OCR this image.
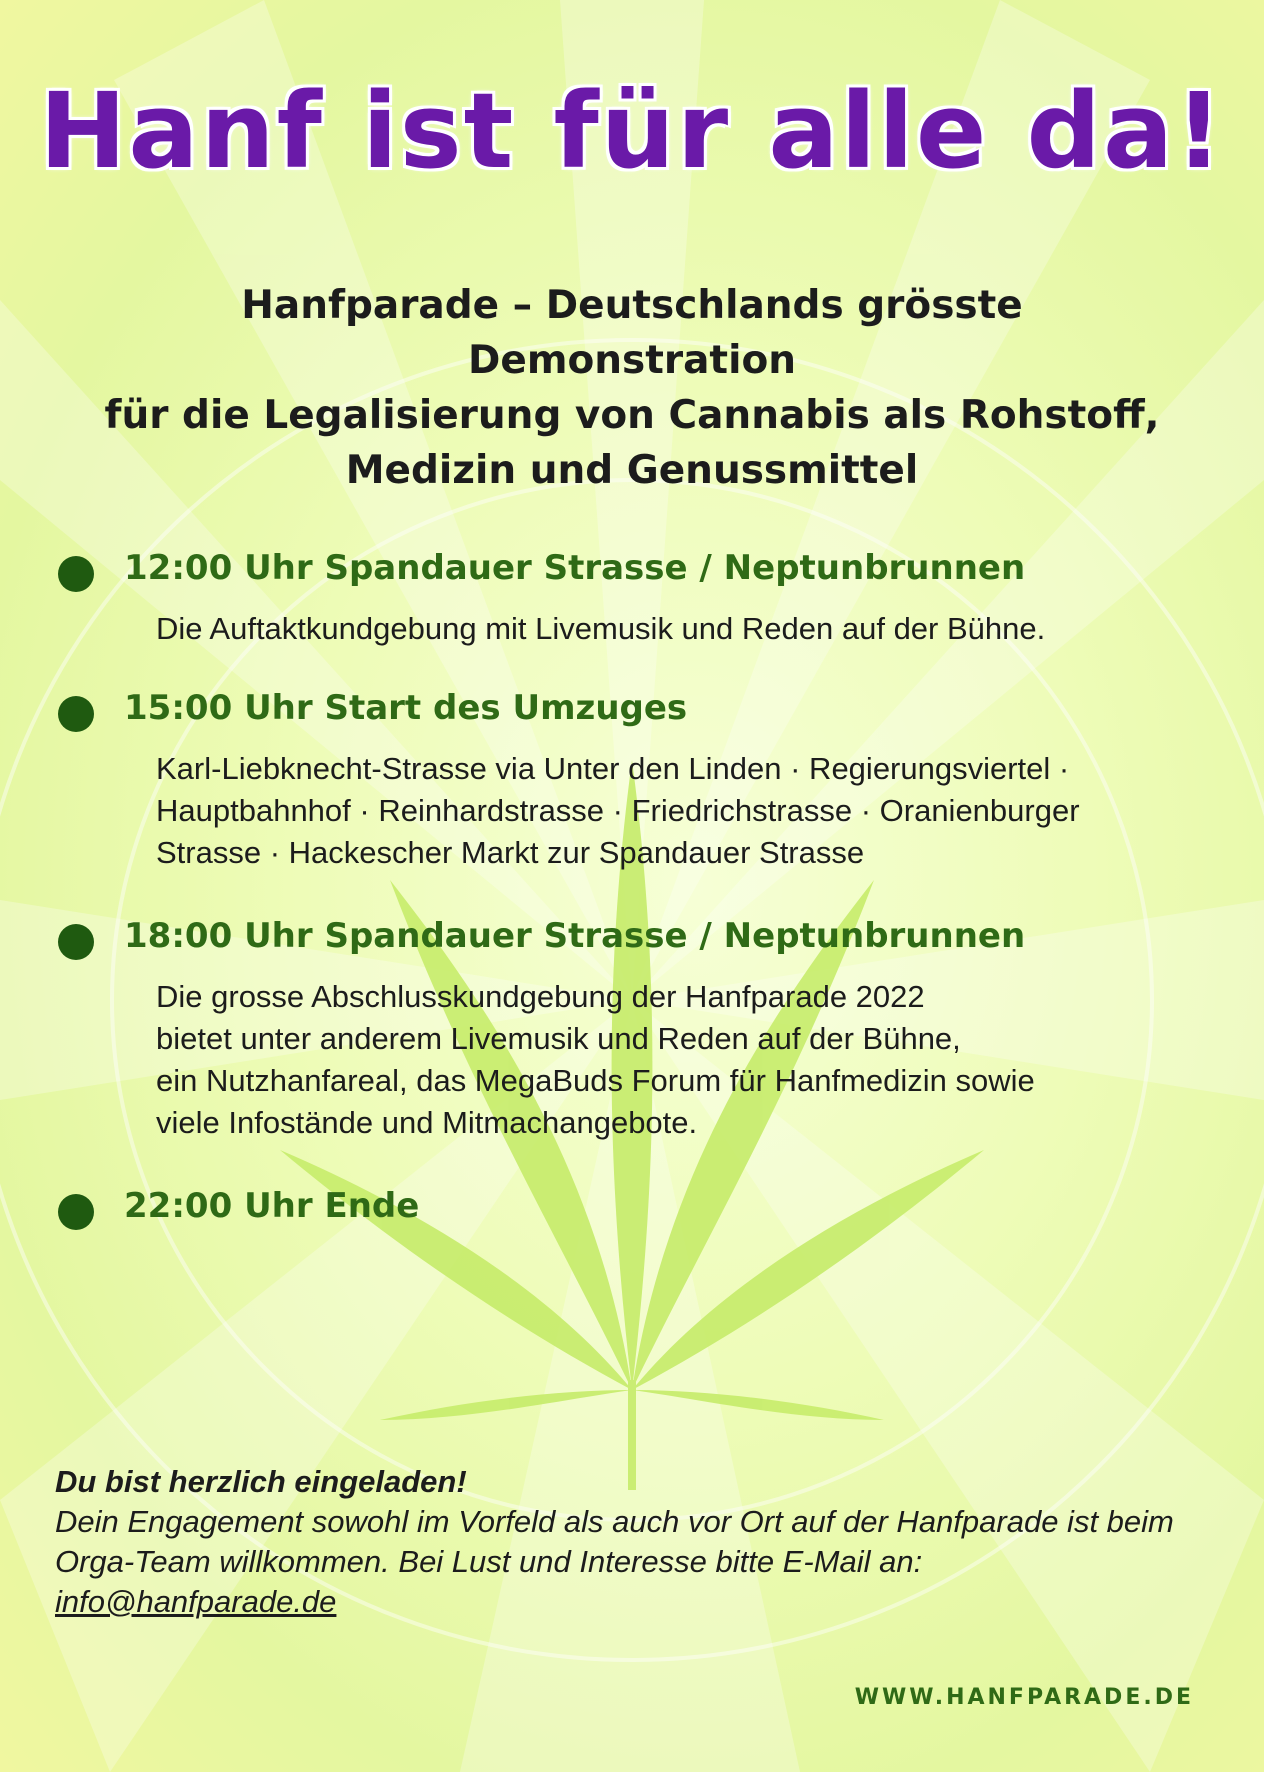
Hanf ist für alle da!
Hanfparade – Deutschlands grösste Demonstration
für die Legalisierung von Cannabis als Rohstoff,
Medizin und Genussmittel
12:00 Uhr Spandauer Strasse / Neptunbrunnen
Die Auftaktkundgebung mit Livemusik und Reden auf der Bühne.
15:00 Uhr Start des Umzuges
Karl-Liebknecht-Strasse via Unter den Linden · Regierungsviertel ·
Hauptbahnhof · Reinhardstrasse · Friedrichstrasse · Oranienburger
Strasse · Hackescher Markt zur Spandauer Strasse
18:00 Uhr Spandauer Strasse / Neptunbrunnen
Die grosse Abschlusskundgebung der Hanfparade 2022
bietet unter anderem Livemusik und Reden auf der Bühne,
ein Nutzhanfareal, das MegaBuds Forum für Hanfmedizin sowie
viele Infostände und Mitmachangebote.
22:00 Uhr Ende
Du bist herzlich eingeladen!
Dein Engagement sowohl im Vorfeld als auch vor Ort auf der Hanfparade ist beim
Orga-Team willkommen. Bei Lust und Interesse bitte E-Mail an:
info@hanfparade.de
WWW.HANFPARADE.DE
